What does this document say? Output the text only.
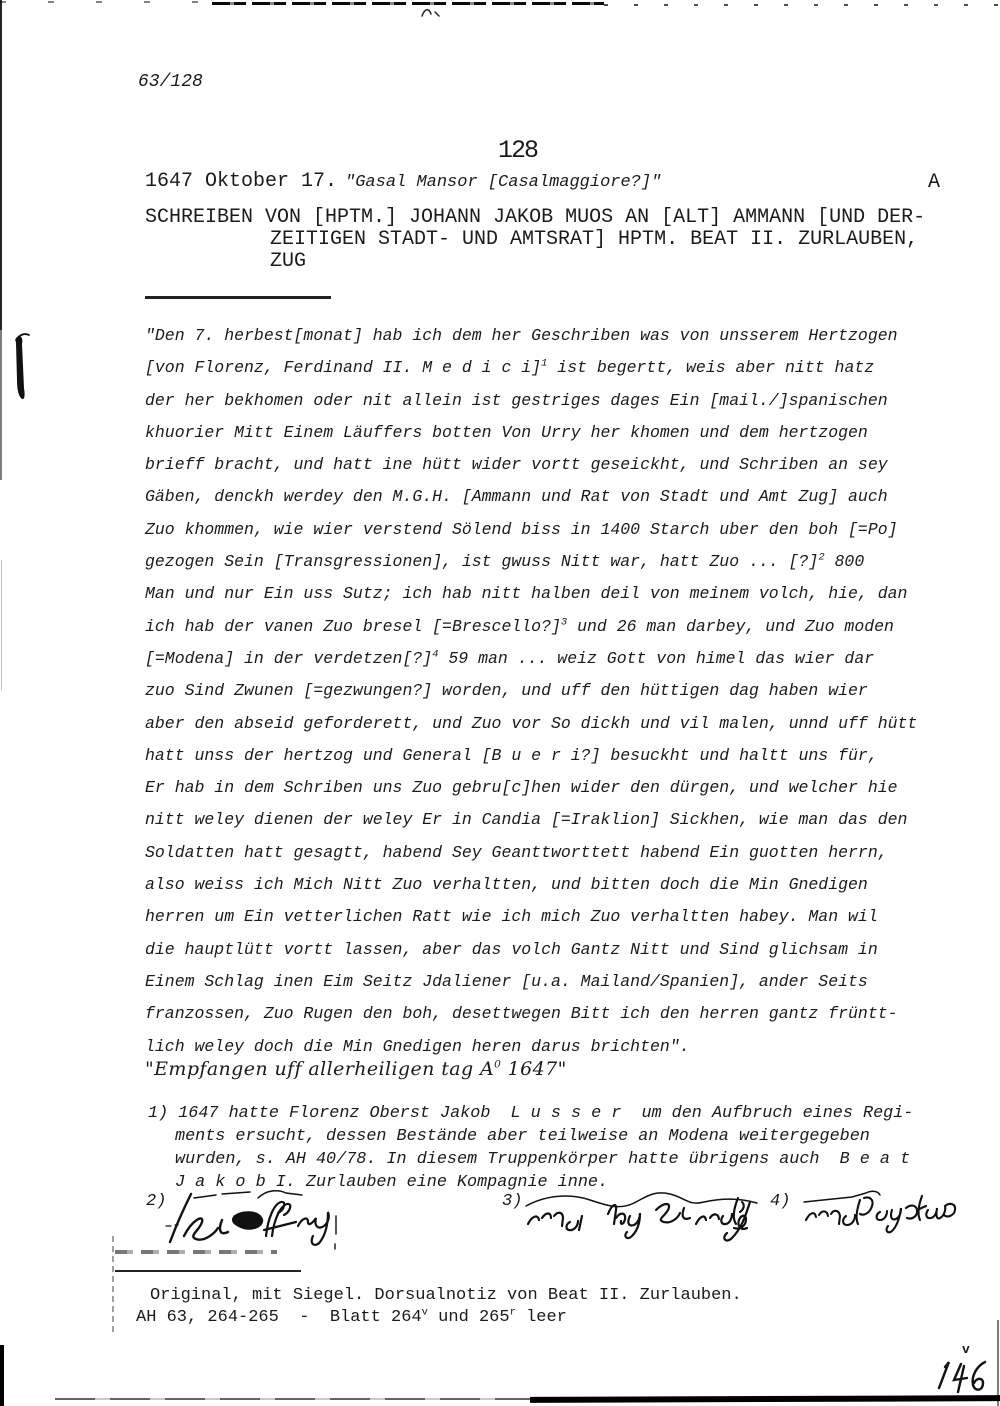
63/128
128
1647 Oktober 17. "Gasal Mansor [Casalmaggiore?]"	A
SCHREIBEN VON [HPTM.] JOHANN JAKOB MUOS AN [ALT] AMMANN [UND DER-
ZEITIGEN STADT- UND AMTSRAT] HPTM. BEAT II. ZURLAUBEN,
ZUG
"Den 7. herbest[monat] hab ich dem her Geschriben was von unsserem Hertzogen
[von Florenz, Ferdinand II. M e d i c i]$^1$ ist begertt, weis aber nitt hatz
der her bekhomen oder nit allein ist gestriges dages Ein [mail./]spanischen
khuorier Mitt Einem Läuffers botten Von Urry her khomen und dem hertzogen
brieff bracht, und hatt ine hütt wider vortt geseickht, und Schriben an sey
Gäben, denckh werdey den M.G.H. [Ammann und Rat von Stadt und Amt Zug] auch
Zuo khommen, wie wier verstend Sölend biss in 1400 Starch uber den boh [=Po]
gezogen Sein [Transgressionen], ist gwuss Nitt war, hatt Zuo ... [?]$^2$ 800
Man und nur Ein uss Sutz; ich hab nitt halben deil von meinem volch, hie, dan
ich hab der vanen Zuo bresel [=Brescello?]$^3$ und 26 man darbey, und Zuo moden
[=Modena] in der verdetzen[?]$^4$ 59 man ... weiz Gott von himel das wier dar
zuo Sind Zwunen [=gezwungen?] worden, und uff den hüttigen dag haben wier
aber den abseid geforderett, und Zuo vor So dickh und vil malen, unnd uff hütt
hatt unss der hertzog und General [B u e r i?] besuckht und haltt uns für,
Er hab in dem Schriben uns Zuo gebru[c]hen wider den dürgen, und welcher hie
nitt weley dienen der weley Er in Candia [=Iraklion] Sickhen, wie man das den
Soldatten hatt gesagtt, habend Sey Geanttworttett habend Ein guotten herrn,
also weiss ich Mich Nitt Zuo verhaltten, und bitten doch die Min Gnedigen
herren um Ein vetterlichen Ratt wie ich mich Zuo verhaltten habey. Man wil
die hauptlütt vortt lassen, aber das volch Gantz Nitt und Sind glichsam in
Einem Schlag inen Eim Seitz Jdaliener [u.a. Mailand/Spanien], ander Seits
franzossen, Zuo Rugen den boh, desettwegen Bitt ich den herren gantz früntt-
lich weley doch die Min Gnedigen heren darus brichten".
"Empfangen uff allerheiligen tag $A^0$ 1647"
1) 1647 hatte Florenz Oberst Jakob  L u s s e r  um den Aufbruch eines Regi-
ments ersucht, dessen Bestände aber teilweise an Modena weitergegeben
wurden, s. AH 40/78. In diesem Truppenkörper hatte übrigens auch  B e a t
J a k o b I. Zurlauben eine Kompagnie inne.
2)	3)	4)
Original, mit Siegel. Dorsualnotiz von Beat II. Zurlauben.
AH 63, 264-265  -  Blatt 264$^v$ und 265$^r$ leer
v
